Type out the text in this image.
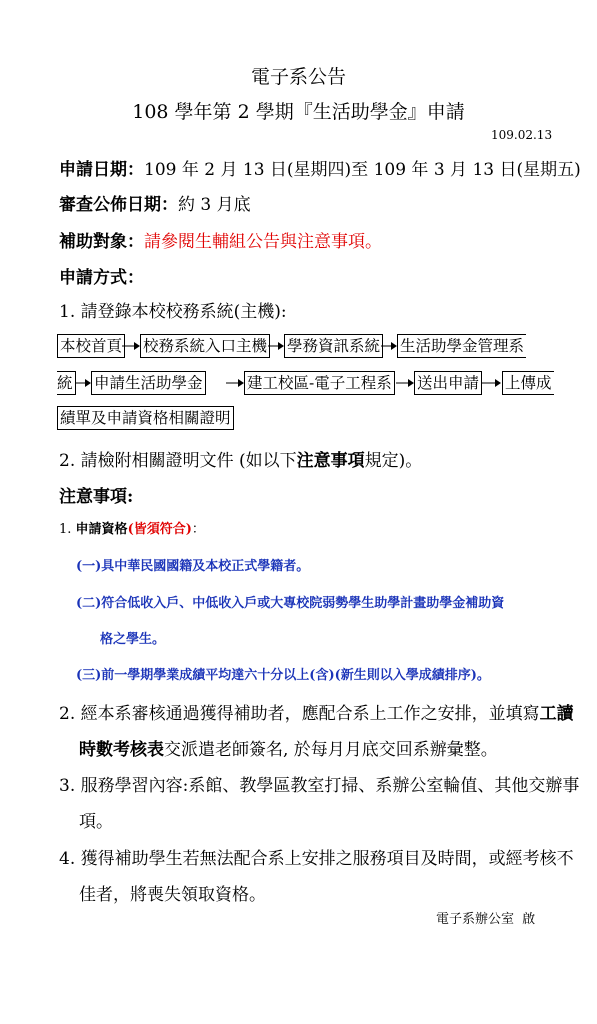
電子系公告
108 學年第 2 學期『生活助學金』申請
109.02.13
申請日期：109 年 2 月 13 日(星期四)至 109 年 3 月 13 日(星期五)
審查公佈日期：約 3 月底
補助對象：請參閱生輔組公告與注意事項。
申請方式：
1. 請登錄本校校務系統(主機):
本校首頁 校務系統入口主機 學務資訊系統 生活助學金管理系
統 申請生活助學金	建工校區-電子工程系 送出申請 上傳成
績單及申請資格相關證明
2. 請檢附相關證明文件 (如以下注意事項規定)。
注意事項:
1. 申請資格(皆須符合)：
(一)具中華民國國籍及本校正式學籍者。
(二)符合低收入戶、中低收入戶或大專校院弱勢學生助學計畫助學金補助資
格之學生。
(三)前一學期學業成績平均達六十分以上(含)(新生則以入學成績排序)。
2. 經本系審核通過獲得補助者，應配合系上工作之安排，並填寫工讀
時數考核表交派遣老師簽名, 於每月月底交回系辦彙整。
3. 服務學習內容:系館、教學區教室打掃、系辦公室輪值、其他交辦事
項。
4. 獲得補助學生若無法配合系上安排之服務項目及時間，或經考核不
佳者，將喪失領取資格。
電子系辦公室  啟
